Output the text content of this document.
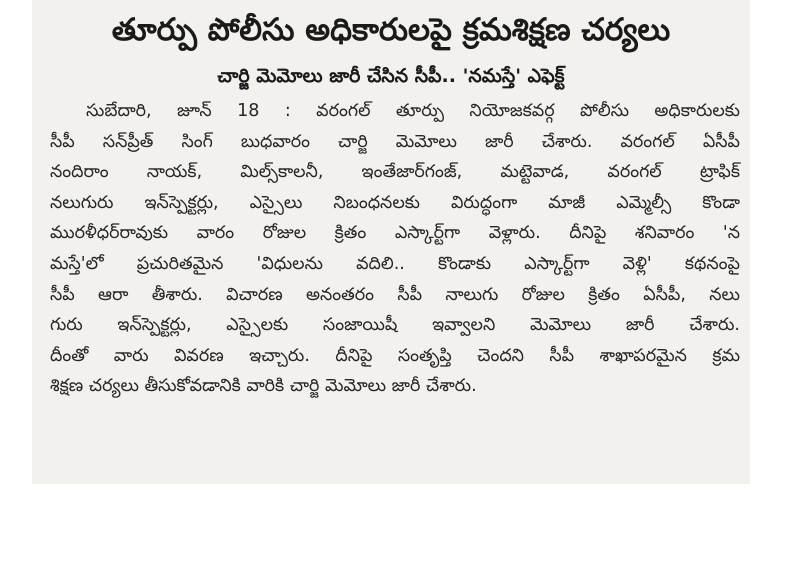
తూర్పు పోలీసు అధికారులపై క్రమశిక్షణ చర్యలు
చార్జి మెమోలు జారీ చేసిన సీపీ.. 'నమస్తే' ఎఫెక్ట్
సుబేదారి, జూన్ 18 : వరంగల్ తూర్పు నియోజకవర్గ పోలీసు అధికారులకు
సీపీ సన్‌ప్రీత్ సింగ్ బుధవారం చార్జి మెమోలు జారీ చేశారు. వరంగల్ ఏసీపీ
నందిరాం నాయక్, మిల్స్‌కాలనీ, ఇంతేజార్‌గంజ్, మట్టెవాడ, వరంగల్ ట్రాఫిక్
నలుగురు ఇన్‌స్పెక్టర్లు, ఎస్సైలు నిబంధనలకు విరుద్ధంగా మాజీ ఎమ్మెల్సీ కొండా
మురళీధర్‌రావుకు వారం రోజుల క్రితం ఎస్కార్ట్‌గా వెళ్లారు. దీనిపై శనివారం 'న
మస్తే'లో ప్రచురితమైన 'విధులను వదిలి.. కొండాకు ఎస్కార్ట్‌గా వెళ్లి' కథనంపై
సీపీ ఆరా తీశారు. విచారణ అనంతరం సీపీ నాలుగు రోజుల క్రితం ఏసీపీ, నలు
గురు ఇన్‌స్పెక్టర్లు, ఎస్సైలకు సంజాయిషీ ఇవ్వాలని మెమోలు జారీ చేశారు.
దీంతో వారు వివరణ ఇచ్చారు. దీనిపై సంతృప్తి చెందని సీపీ శాఖాపరమైన క్రమ
శిక్షణ చర్యలు తీసుకోవడానికి వారికి చార్జి మెమోలు జారీ చేశారు.
